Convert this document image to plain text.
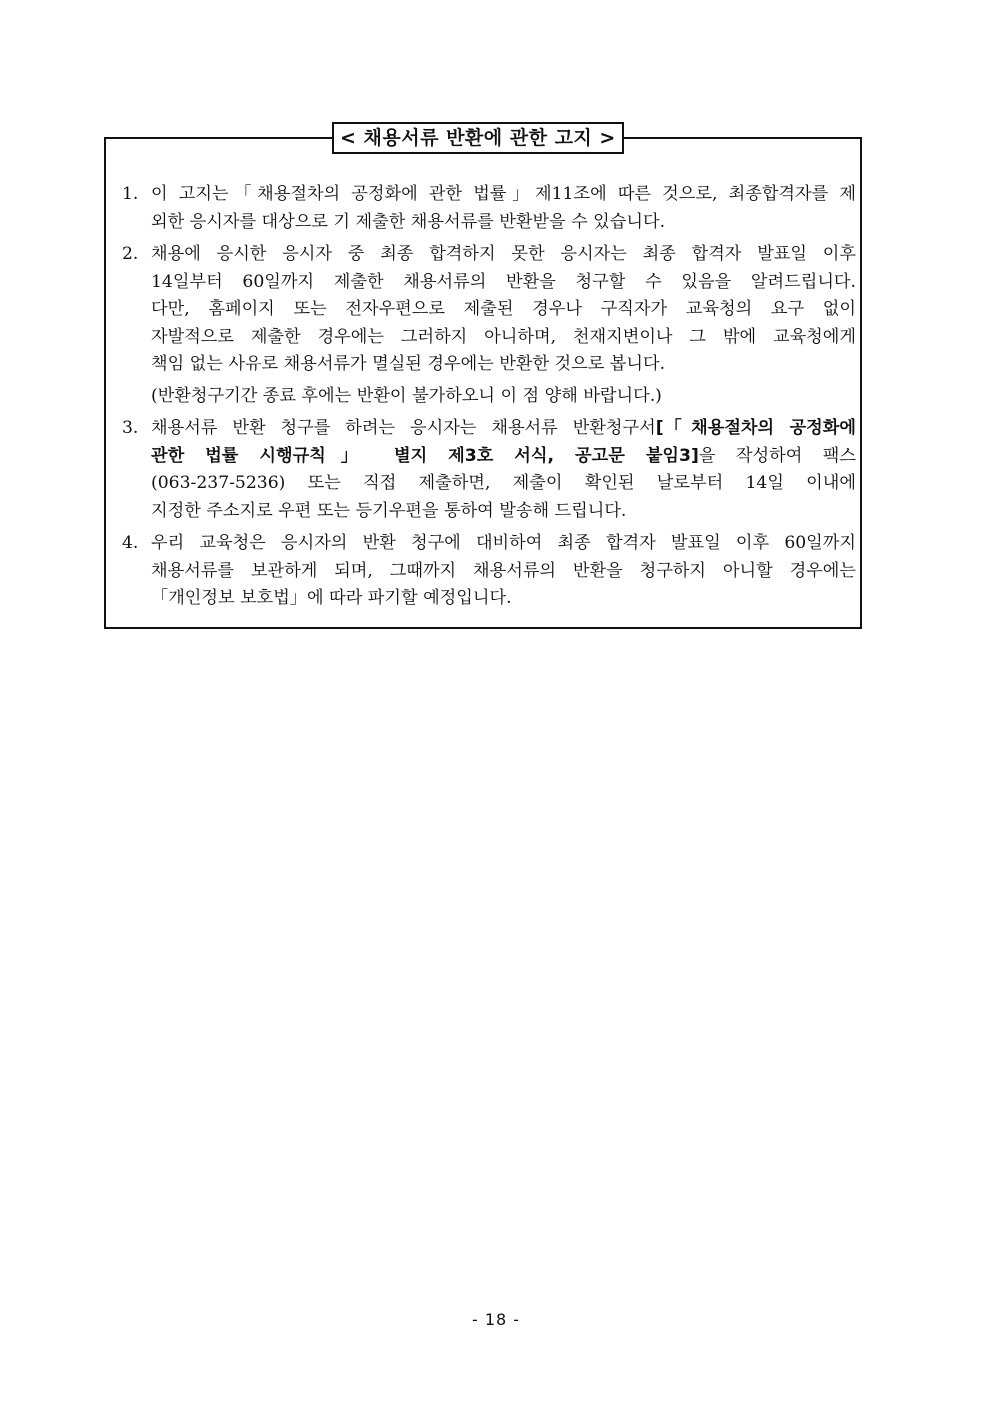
< 채용서류 반환에 관한 고지 >
1. 이 고지는「채용절차의 공정화에 관한 법률」제11조에 따른 것으로, 최종합격자를 제
외한 응시자를 대상으로 기 제출한 채용서류를 반환받을 수 있습니다.
2. 채용에 응시한 응시자 중 최종 합격하지 못한 응시자는 최종 합격자 발표일 이후
14일부터 60일까지 제출한 채용서류의 반환을 청구할 수 있음을 알려드립니다.
다만, 홈페이지 또는 전자우편으로 제출된 경우나 구직자가 교육청의 요구 없이
자발적으로 제출한 경우에는 그러하지 아니하며, 천재지변이나 그 밖에 교육청에게
책임 없는 사유로 채용서류가 멸실된 경우에는 반환한 것으로 봅니다.
(반환청구기간 종료 후에는 반환이 불가하오니 이 점 양해 바랍니다.)
3. 채용서류 반환 청구를 하려는 응시자는 채용서류 반환청구서[「채용절차의 공정화에
관한 법률 시행규칙」 별지 제3호 서식, 공고문 붙임3]을 작성하여 팩스
(063-237-5236) 또는 직접 제출하면, 제출이 확인된 날로부터 14일 이내에
지정한 주소지로 우편 또는 등기우편을 통하여 발송해 드립니다.
4. 우리 교육청은 응시자의 반환 청구에 대비하여 최종 합격자 발표일 이후 60일까지
채용서류를 보관하게 되며, 그때까지 채용서류의 반환을 청구하지 아니할 경우에는
「개인정보 보호법」에 따라 파기할 예정입니다.
- 18 -
